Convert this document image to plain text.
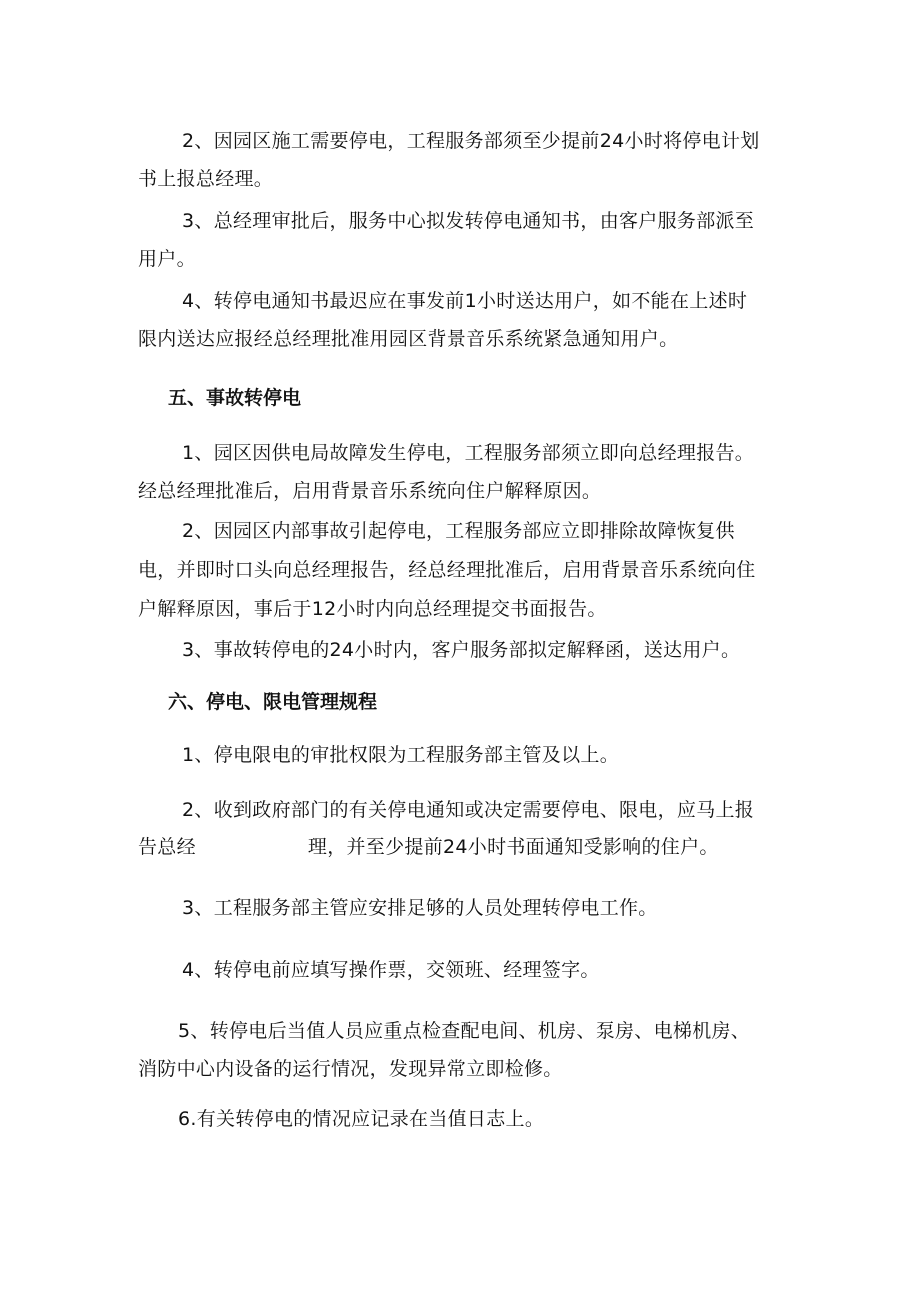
2、因园区施工需要停电，工程服务部须至少提前24小时将停电计划
书上报总经理。
3、总经理审批后，服务中心拟发转停电通知书，由客户服务部派至
用户。
4、转停电通知书最迟应在事发前1小时送达用户，如不能在上述时
限内送达应报经总经理批准用园区背景音乐系统紧急通知用户。
五、事故转停电
1、园区因供电局故障发生停电，工程服务部须立即向总经理报告。
经总经理批准后，启用背景音乐系统向住户解释原因。
2、因园区内部事故引起停电，工程服务部应立即排除故障恢复供
电，并即时口头向总经理报告，经总经理批准后，启用背景音乐系统向住
户解释原因，事后于12小时内向总经理提交书面报告。
3、事故转停电的24小时内，客户服务部拟定解释函，送达用户。
六、停电、限电管理规程
1、停电限电的审批权限为工程服务部主管及以上。
2、收到政府部门的有关停电通知或决定需要停电、限电，应马上报
告总经	理，并至少提前24小时书面通知受影响的住户。
3、工程服务部主管应安排足够的人员处理转停电工作。
4、转停电前应填写操作票，交领班、经理签字。
5、转停电后当值人员应重点检查配电间、机房、泵房、电梯机房、
消防中心内设备的运行情况，发现异常立即检修。
6.有关转停电的情况应记录在当值日志上。
